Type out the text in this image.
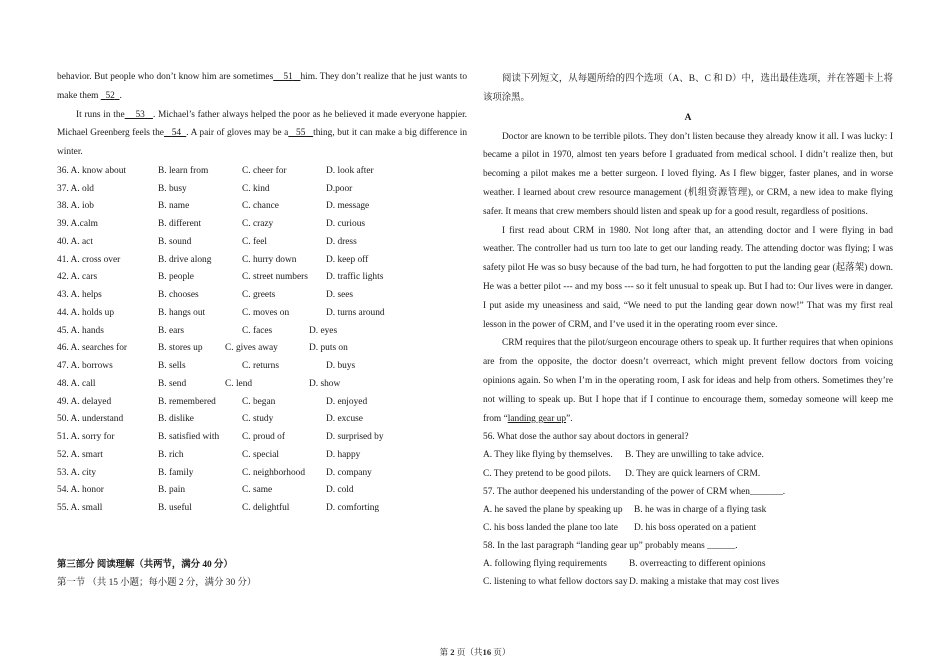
behavior. But people who don’t know him are sometimes 51 him. They don’t realize that he just wants to make them 52 .
It runs in the 53 . Michael’s father always helped the poor as he believed it made everyone happier. Michael Greenberg feels the 54 . A pair of gloves may be a 55 thing, but it can make a big difference in winter.
36. A. know about	B. learn from	C. cheer for	D. look after
37. A. old	B. busy	C. kind	D.poor
38. A. iob	B. name	C. chance	D. message
39. A.calm	B. different	C. crazy	D. curious
40. A. act	B. sound	C. feel	D. dress
41. A. cross over	B. drive along	C. hurry down	D. keep off
42. A. cars	B. people	C. street numbers D. traffic lights
43. A. helps	B. chooses	C. greets	D. sees
44. A. holds up	B. hangs out	C. moves on	D. turns around
45. A. hands	B. ears	C. faces	D. eyes
46. A. searches for	B. stores up C. gives away	D. puts on
47. A. borrows	B. sells	C. returns	D. buys
48. A. call	B. send	C. lend	D. show
49. A. delayed	B. remembered	C. began	D. enjoyed
50. A. understand	B. dislike	C. study	D. excuse
51. A. sorry for	B. satisfied with C. proud of	D. surprised by
52. A. smart	B. rich	C. special	D. happy
53. A. city	B. family	C. neighborhood D. company
54. A. honor	B. pain	C. same	D. cold
55. A. small	B. useful	C. delightful	D. comforting
第三部分 阅读理解（共两节，满分 40 分）
第一节 （共 15 小题；每小题 2 分，满分 30 分）
阅读下列短文，从每题所给的四个选项（A、B、C 和 D）中，选出最佳选项，并在答题卡上将该项涂黑。
A
Doctor are known to be terrible pilots. They don’t listen because they already know it all. I was lucky: I became a pilot in 1970, almost ten years before I graduated from medical school. I didn’t realize then, but becoming a pilot makes me a better surgeon. I loved flying. As I flew bigger, faster planes, and in worse weather. I learned about crew resource management (机组资源管理), or CRM, a new idea to make flying safer. It means that crew members should listen and speak up for a good result, regardless of positions.
I first read about CRM in 1980. Not long after that, an attending doctor and I were flying in bad weather. The controller had us turn too late to get our landing ready. The attending doctor was flying; I was safety pilot He was so busy because of the bad turn, he had forgotten to put the landing gear (起落架) down. He was a better pilot --- and my boss --- so it felt unusual to speak up. But I had to: Our lives were in danger. I put aside my uneasiness and said, “We need to put the landing gear down now!” That was my first real lesson in the power of CRM, and I’ve used it in the operating room ever since.
CRM requires that the pilot/surgeon encourage others to speak up. It further requires that when opinions are from the opposite, the doctor doesn’t overreact, which might prevent fellow doctors from voicing opinions again. So when I’m in the operating room, I ask for ideas and help from others. Sometimes they’re not willing to speak up. But I hope that if I continue to encourage them, someday someone will keep me from “landing gear up”.
56. What dose the author say about doctors in general?
A. They like flying by themselves. B. They are unwilling to take advice.
C. They pretend to be good pilots. D. They are quick learners of CRM.
57. The author deepened his understanding of the power of CRM when_______.
A. he saved the plane by speaking up B. he was in charge of a flying task
C. his boss landed the plane too late D. his boss operated on a patient
58. In the last paragraph “landing gear up” probably means ______.
A. following flying requirements B. overreacting to different opinions
C. listening to what fellow doctors say D. making a mistake that may cost lives
第 2 页（共16 页）
